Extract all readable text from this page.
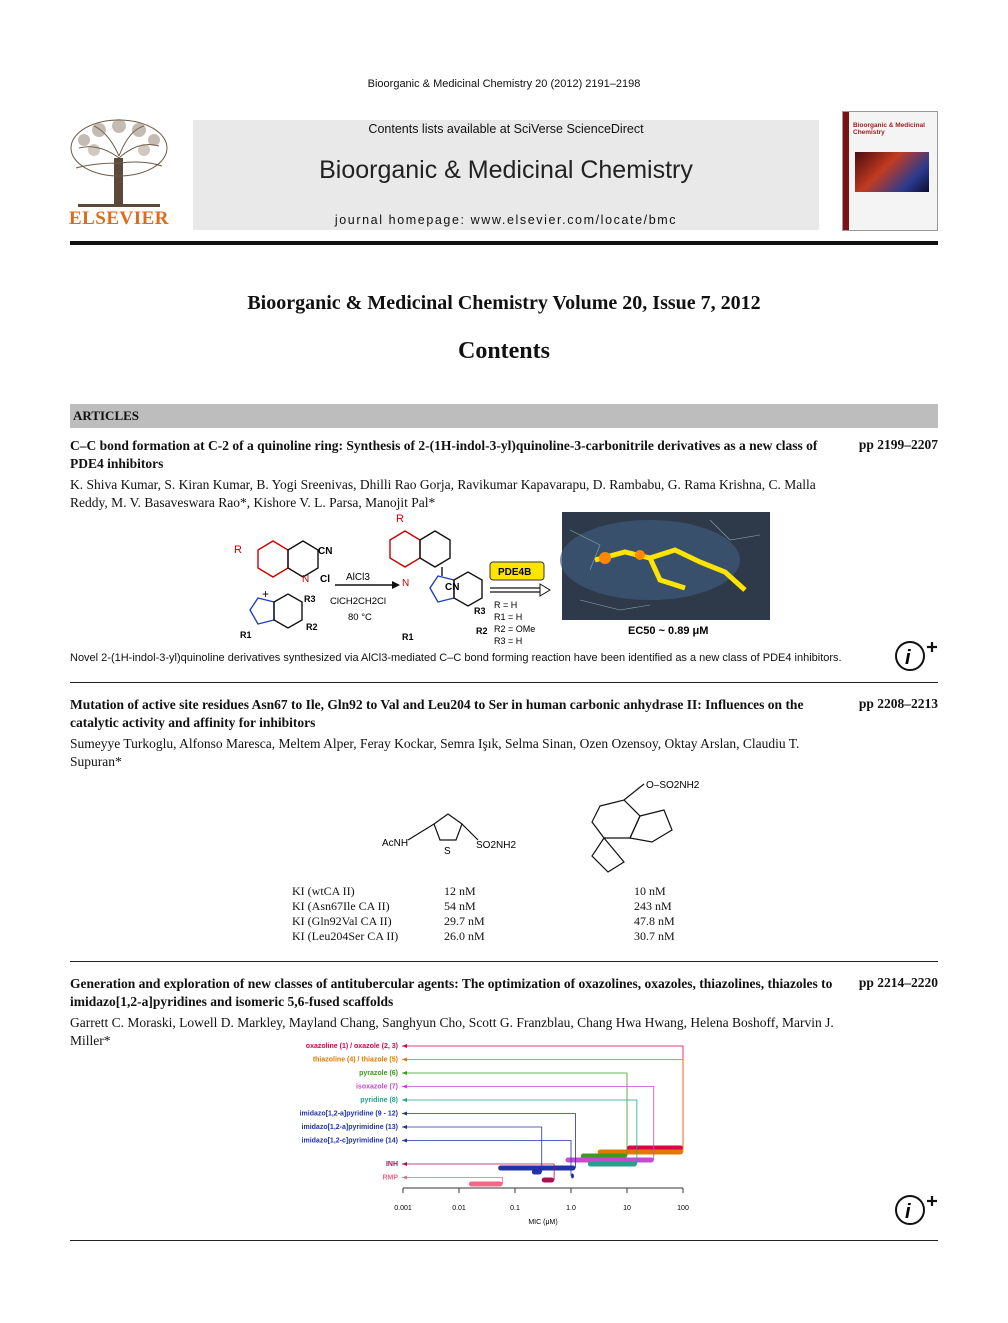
Bioorganic & Medicinal Chemistry 20 (2012) 2191–2198
ELSEVIER
Contents lists available at SciVerse ScienceDirect
Bioorganic & Medicinal Chemistry
journal homepage: www.elsevier.com/locate/bmc
Bioorganic & Medicinal Chemistry
Bioorganic & Medicinal Chemistry Volume 20, Issue 7, 2012
Contents
ARTICLES
C–C bond formation at C-2 of a quinoline ring: Synthesis of 2-(1H-indol-3-yl)quinoline-3-carbonitrile derivatives as a new class of PDE4 inhibitors
pp 2199–2207
K. Shiva Kumar, S. Kiran Kumar, B. Yogi Sreenivas, Dhilli Rao Gorja, Ravikumar Kapavarapu, D. Rambabu, G. Rama Krishna, C. Malla Reddy, M. V. Basaveswara Rao*, Kishore V. L. Parsa, Manojit Pal*
R	CN
Cl
N
+	R3
R2
R1
AlCl3
ClCH2CH2Cl
80 °C
R
CN
N
R3
R2
R1
PDE4B
R = H
R1 = H
R2 = OMe
R3 = H
EC50 ~ 0.89 μM
Novel 2-(1H-indol-3-yl)quinoline derivatives synthesized via AlCl3-mediated C–C bond forming reaction have been identified as a new class of PDE4 inhibitors.	i
Mutation of active site residues Asn67 to Ile, Gln92 to Val and Leu204 to Ser in human carbonic anhydrase II: Influences on the catalytic activity and affinity for inhibitors
pp 2208–2213
Sumeyye Turkoglu, Alfonso Maresca, Meltem Alper, Feray Kockar, Semra Işık, Selma Sinan, Ozen Ozensoy, Oktay Arslan, Claudiu T. Supuran*
AcNH	SO2NH2
S
O–SO2NH2
KI (wtCA II)	12 nM	10 nM
KI (Asn67Ile CA II)	54 nM	243 nM
KI (Gln92Val CA II)	29.7 nM	47.8 nM
KI (Leu204Ser CA II)	26.0 nM	30.7 nM
Generation and exploration of new classes of antitubercular agents: The optimization of oxazolines, oxazoles, thiazolines, thiazoles to imidazo[1,2-a]pyridines and isomeric 5,6-fused scaffolds
pp 2214–2220
Garrett C. Moraski, Lowell D. Markley, Mayland Chang, Sanghyun Cho, Scott G. Franzblau, Chang Hwa Hwang, Helena Boshoff, Marvin J. Miller*	oxazoline (1) / oxazole (2, 3)
thiazoline (4) / thiazole (5)
pyrazole (6)
isoxazole (7)
pyridine (8)
imidazo[1,2-a]pyridine (9 - 12)
imidazo[1,2-a]pyrimidine (13)
imidazo[1,2-c]pyrimidine (14)
INH
RMP
0.001	0.01	0.1	1.0	10	100
MIC (μM)	i
